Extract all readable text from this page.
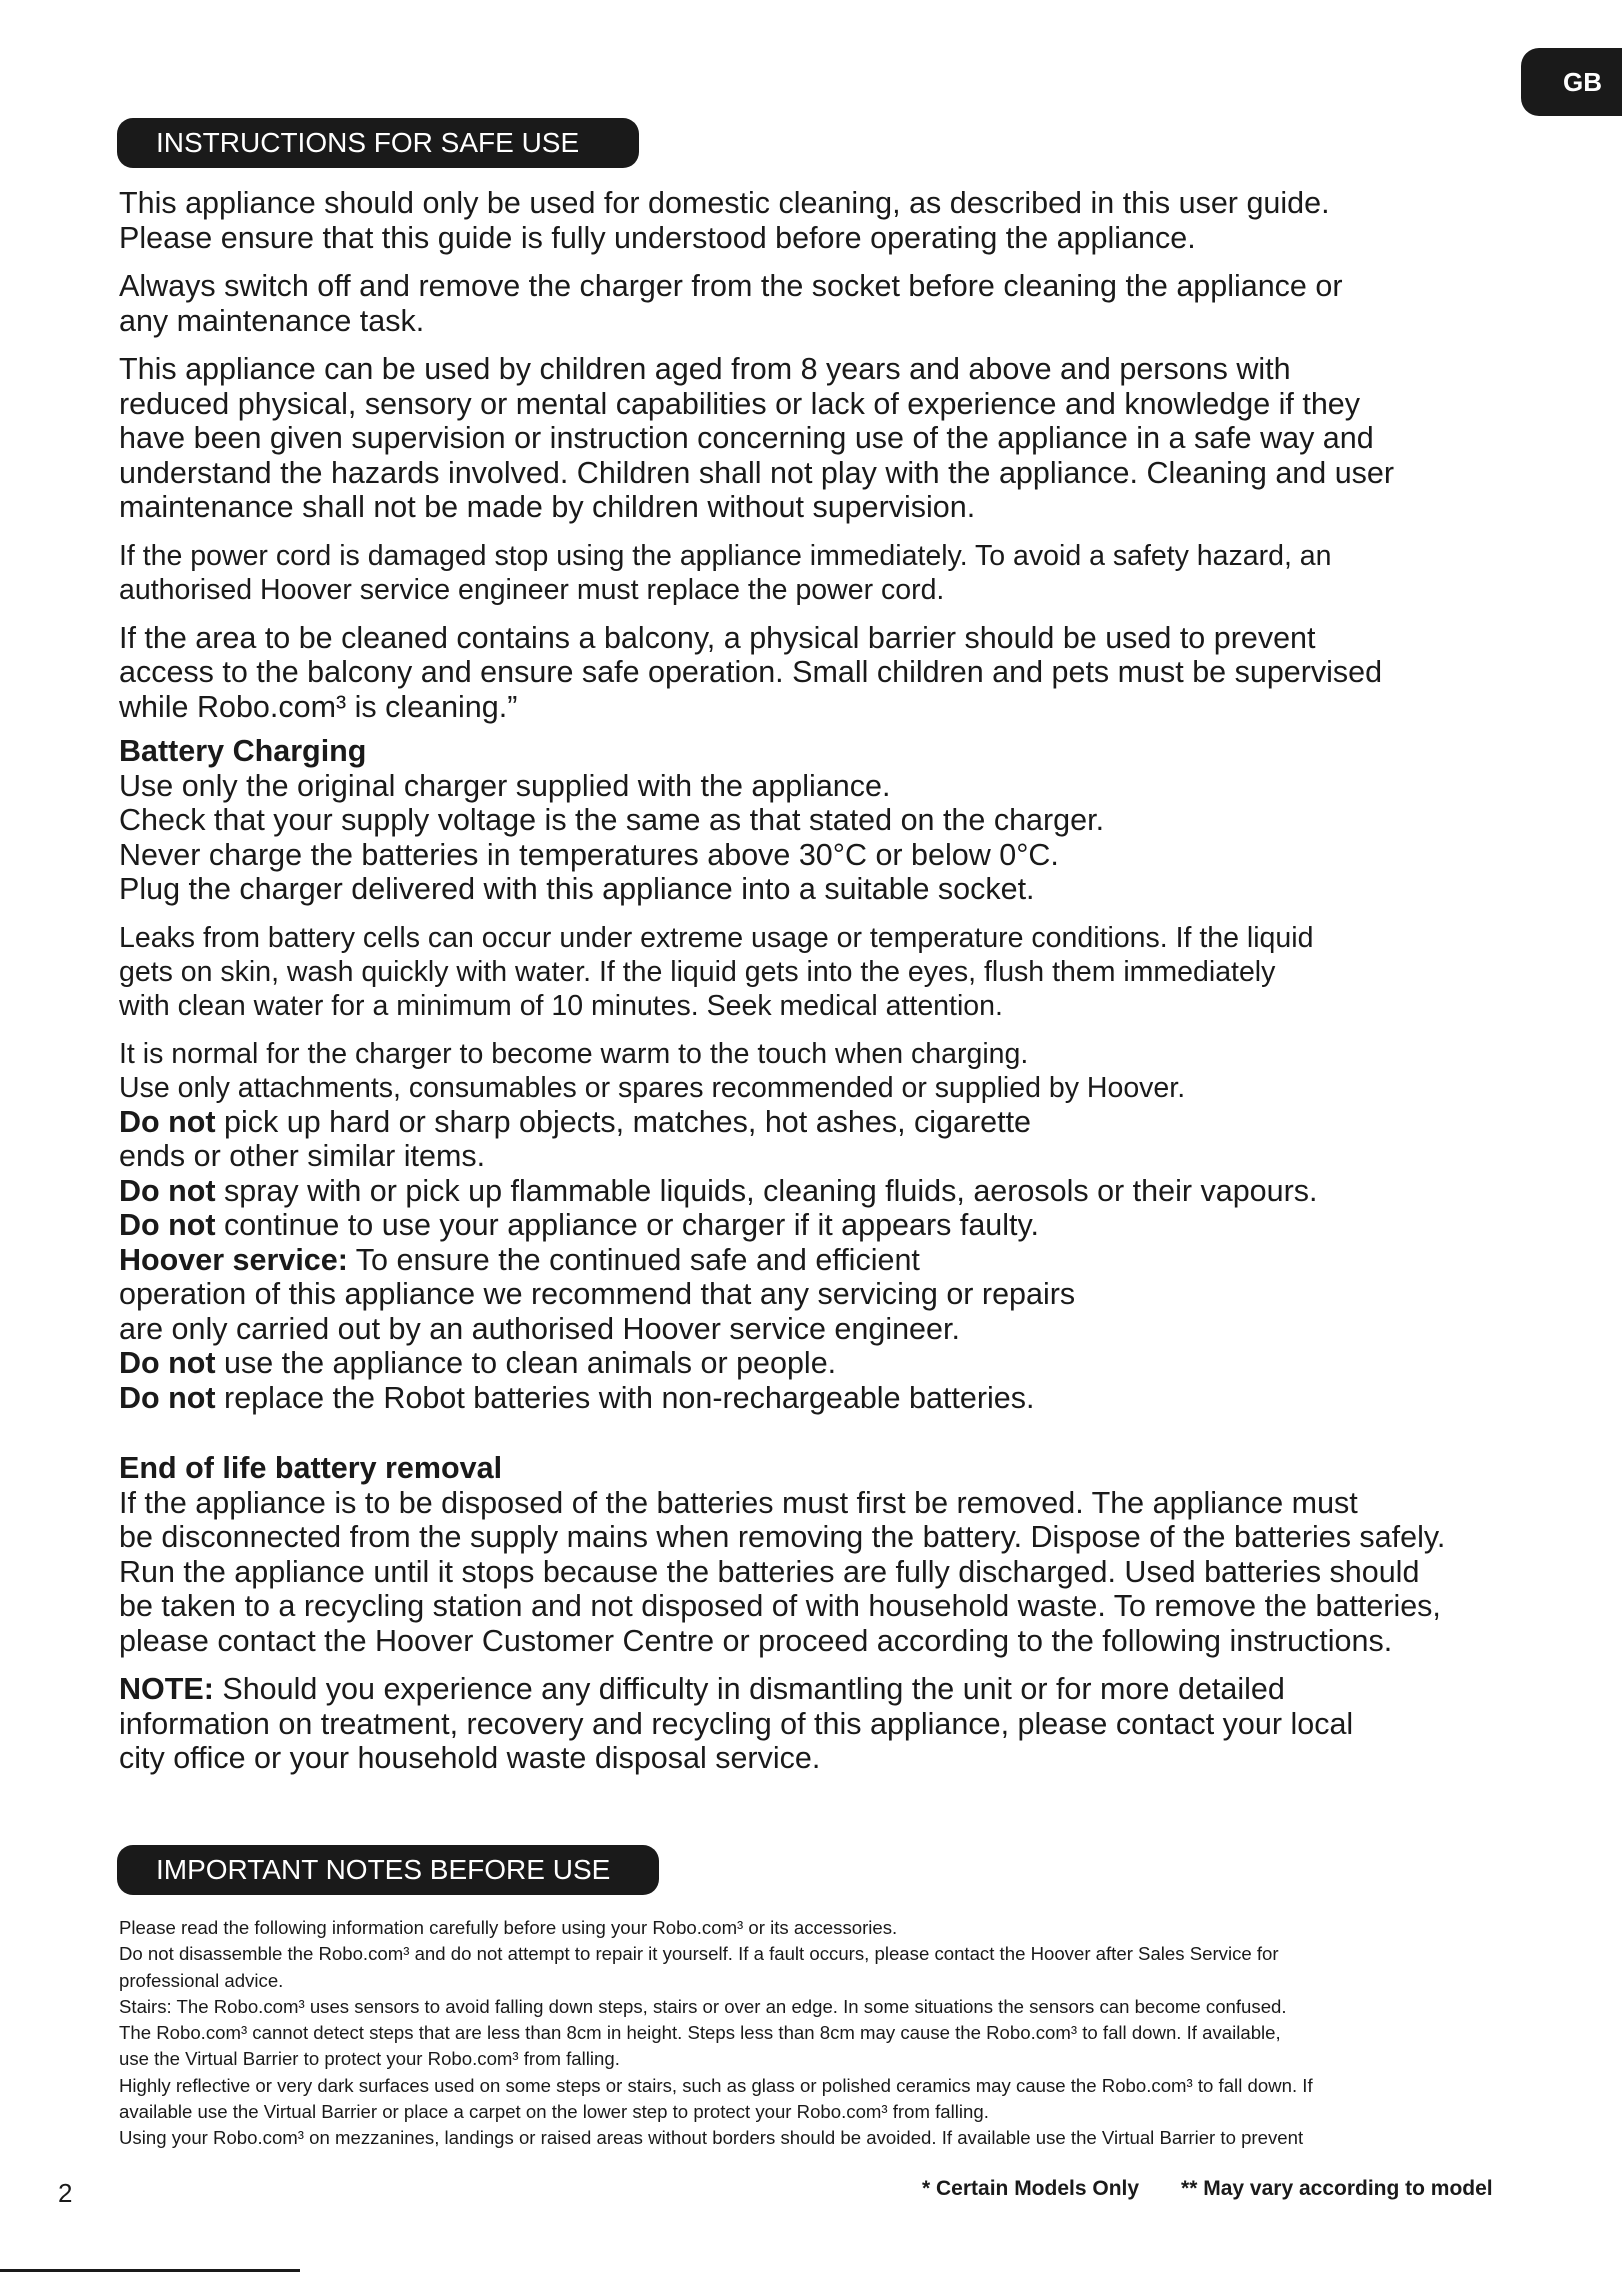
GB
INSTRUCTIONS FOR SAFE USE

This appliance should only be used for domestic cleaning, as described in this user guide.
Please ensure that this guide is fully understood before operating the appliance.

Always switch off and remove the charger from the socket before cleaning the appliance or
any maintenance task.

This appliance can be used by children aged from 8 years and above and persons with
reduced physical, sensory or mental capabilities or lack of experience and knowledge if they
have been given supervision or instruction concerning use of the appliance in a safe way and
understand the hazards involved. Children shall not play with the appliance. Cleaning and user
maintenance shall not be made by children without supervision.

If the power cord is damaged stop using the appliance immediately. To avoid a safety hazard, an
authorised Hoover service engineer must replace the power cord.

If the area to be cleaned contains a balcony, a physical barrier should be used to prevent
access to the balcony and ensure safe operation. Small children and pets must be supervised
while Robo.com³ is cleaning.”

Battery Charging

Use only the original charger supplied with the appliance.
Check that your supply voltage is the same as that stated on the charger.
Never charge the batteries in temperatures above 30°C or below 0°C.
Plug the charger delivered with this appliance into a suitable socket.

Leaks from battery cells can occur under extreme usage or temperature conditions. If the liquid
gets on skin, wash quickly with water. If the liquid gets into the eyes, flush them immediately
with clean water for a minimum of 10 minutes. Seek medical attention.

It is normal for the charger to become warm to the touch when charging.
Use only attachments, consumables or spares recommended or supplied by Hoover.

Do not pick up hard or sharp objects, matches, hot ashes, cigarette
ends or other similar items.
Do not spray with or pick up flammable liquids, cleaning fluids, aerosols or their vapours.
Do not continue to use your appliance or charger if it appears faulty.
Hoover service: To ensure the continued safe and efficient
operation of this appliance we recommend that any servicing or repairs
are only carried out by an authorised Hoover service engineer.
Do not use the appliance to clean animals or people.
Do not replace the Robot batteries with non-rechargeable batteries.

End of life battery removal

If the appliance is to be disposed of the batteries must first be removed. The appliance must
be disconnected from the supply mains when removing the battery. Dispose of the batteries safely.
Run the appliance until it stops because the batteries are fully discharged. Used batteries should
be taken to a recycling station and not disposed of with household waste. To remove the batteries,
please contact the Hoover Customer Centre or proceed according to the following instructions.

NOTE: Should you experience any difficulty in dismantling the unit or for more detailed
information on treatment, recovery and recycling of this appliance, please contact your local
city office or your household waste disposal service.

IMPORTANT NOTES BEFORE USE

Please read the following information carefully before using your Robo.com³ or its accessories.

Do not disassemble the Robo.com³ and do not attempt to repair it yourself. If a fault occurs, please contact the Hoover after Sales Service for

professional advice.

Stairs: The Robo.com³ uses sensors to avoid falling down steps, stairs or over an edge. In some situations the sensors can become confused.

The Robo.com³ cannot detect steps that are less than 8cm in height. Steps less than 8cm may cause the Robo.com³ to fall down. If available,

use the Virtual Barrier to protect your Robo.com³ from falling.

Highly reflective or very dark surfaces used on some steps or stairs, such as glass or polished ceramics may cause the Robo.com³ to fall down. If

available use the Virtual Barrier or place a carpet on the lower step to protect your Robo.com³ from falling.

Using your Robo.com³ on mezzanines, landings or raised areas without borders should be avoided. If available use the Virtual Barrier to prevent

2	* Certain Models Only ** May vary according to model
